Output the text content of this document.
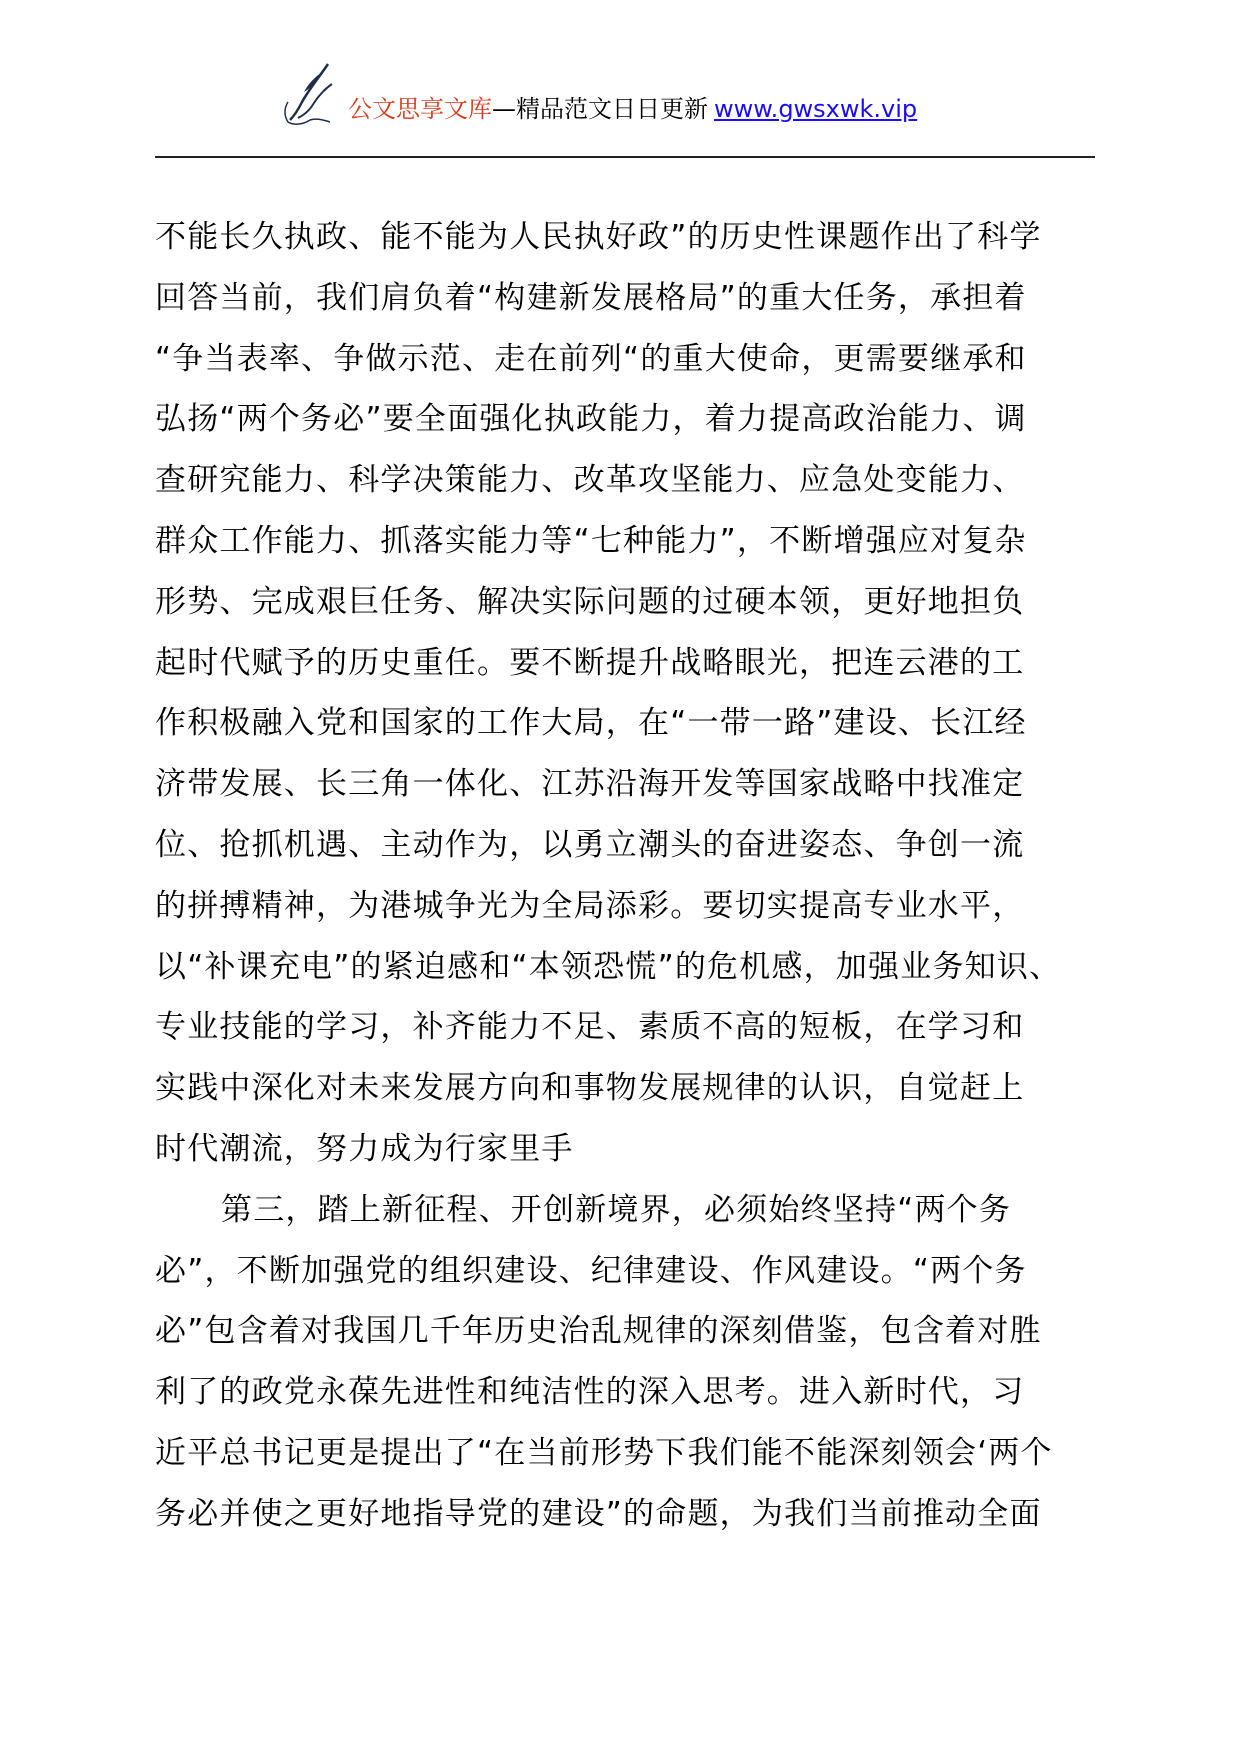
公文思享文库—精品范文日日更新 www.gwsxwk.vip
不能长久执政、能不能为人民执好政”的历史性课题作出了科学
回答当前，我们肩负着“构建新发展格局”的重大任务，承担着
“争当表率、争做示范、走在前列“的重大使命，更需要继承和
弘扬“两个务必”要全面强化执政能力，着力提高政治能力、调
查研究能力、科学决策能力、改革攻坚能力、应急处变能力、
群众工作能力、抓落实能力等“七种能力”，不断增强应对复杂
形势、完成艰巨任务、解决实际问题的过硬本领，更好地担负
起时代赋予的历史重任。要不断提升战略眼光，把连云港的工
作积极融入党和国家的工作大局，在“一带一路”建设、长江经
济带发展、长三角一体化、江苏沿海开发等国家战略中找准定
位、抢抓机遇、主动作为，以勇立潮头的奋进姿态、争创一流
的拼搏精神，为港城争光为全局添彩。要切实提高专业水平，
以“补课充电”的紧迫感和“本领恐慌”的危机感，加强业务知识、
专业技能的学习，补齐能力不足、素质不高的短板，在学习和
实践中深化对未来发展方向和事物发展规律的认识，自觉赶上
时代潮流，努力成为行家里手
第三，踏上新征程、开创新境界，必须始终坚持“两个务
必”，不断加强党的组织建设、纪律建设、作风建设。“两个务
必”包含着对我国几千年历史治乱规律的深刻借鉴，包含着对胜
利了的政党永葆先进性和纯洁性的深入思考。进入新时代，习
近平总书记更是提出了“在当前形势下我们能不能深刻领会‘两个
务必并使之更好地指导党的建设”的命题，为我们当前推动全面
